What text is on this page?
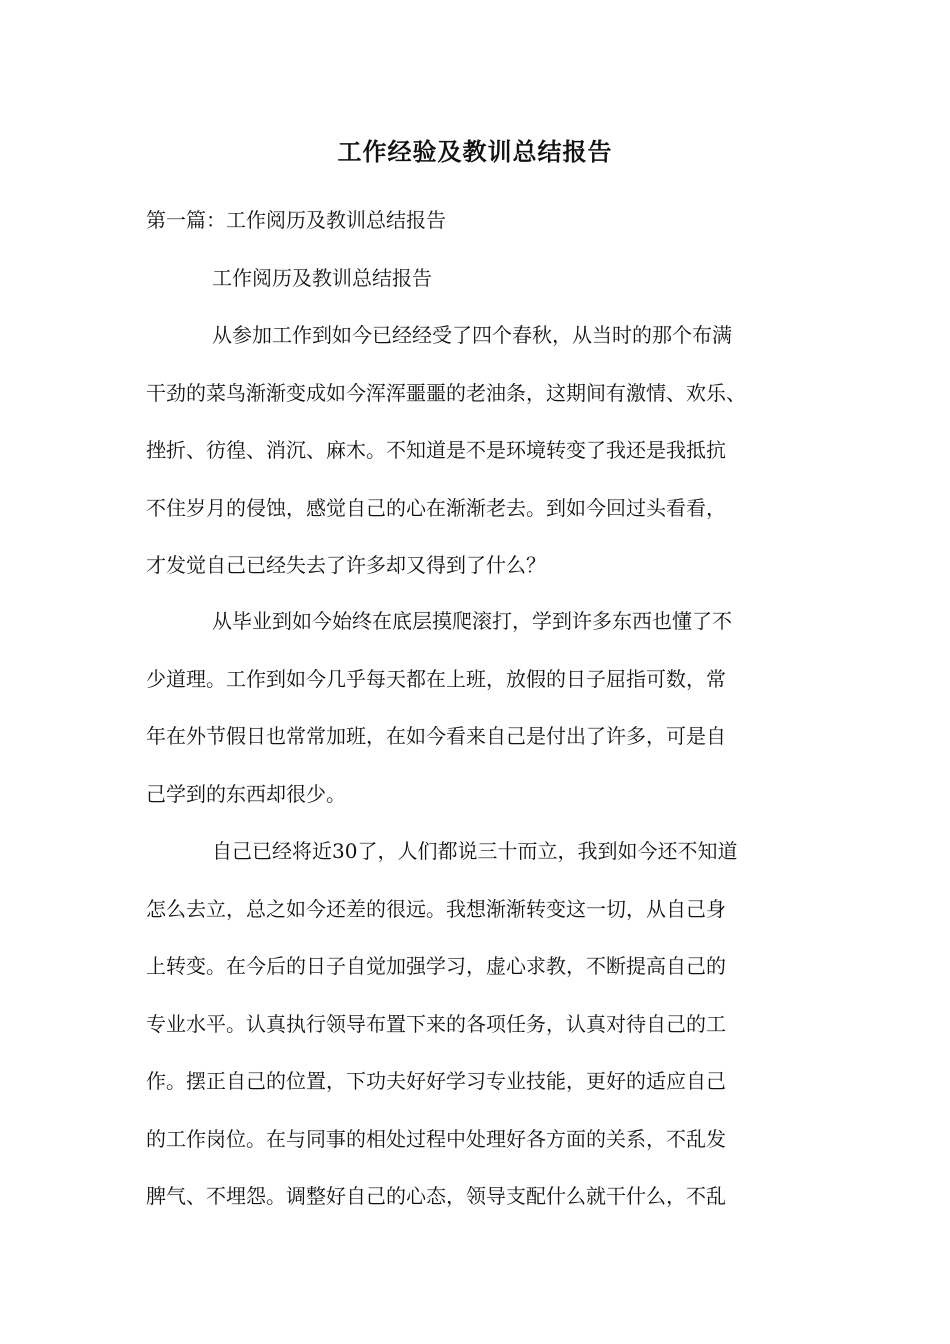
工作经验及教训总结报告
第一篇：工作阅历及教训总结报告
工作阅历及教训总结报告
从参加工作到如今已经经受了四个春秋，从当时的那个布满
干劲的菜鸟渐渐变成如今浑浑噩噩的老油条，这期间有激情、欢乐、
挫折、彷徨、消沉、麻木。不知道是不是环境转变了我还是我抵抗
不住岁月的侵蚀，感觉自己的心在渐渐老去。到如今回过头看看，
才发觉自己已经失去了许多却又得到了什么？
从毕业到如今始终在底层摸爬滚打，学到许多东西也懂了不
少道理。工作到如今几乎每天都在上班，放假的日子屈指可数，常
年在外节假日也常常加班，在如今看来自己是付出了许多，可是自
己学到的东西却很少。
自己已经将近30了，人们都说三十而立，我到如今还不知道
怎么去立，总之如今还差的很远。我想渐渐转变这一切，从自己身
上转变。在今后的日子自觉加强学习，虚心求教，不断提高自己的
专业水平。认真执行领导布置下来的各项任务，认真对待自己的工
作。摆正自己的位置，下功夫好好学习专业技能，更好的适应自己
的工作岗位。在与同事的相处过程中处理好各方面的关系，不乱发
脾气、不埋怨。调整好自己的心态，领导支配什么就干什么，不乱
